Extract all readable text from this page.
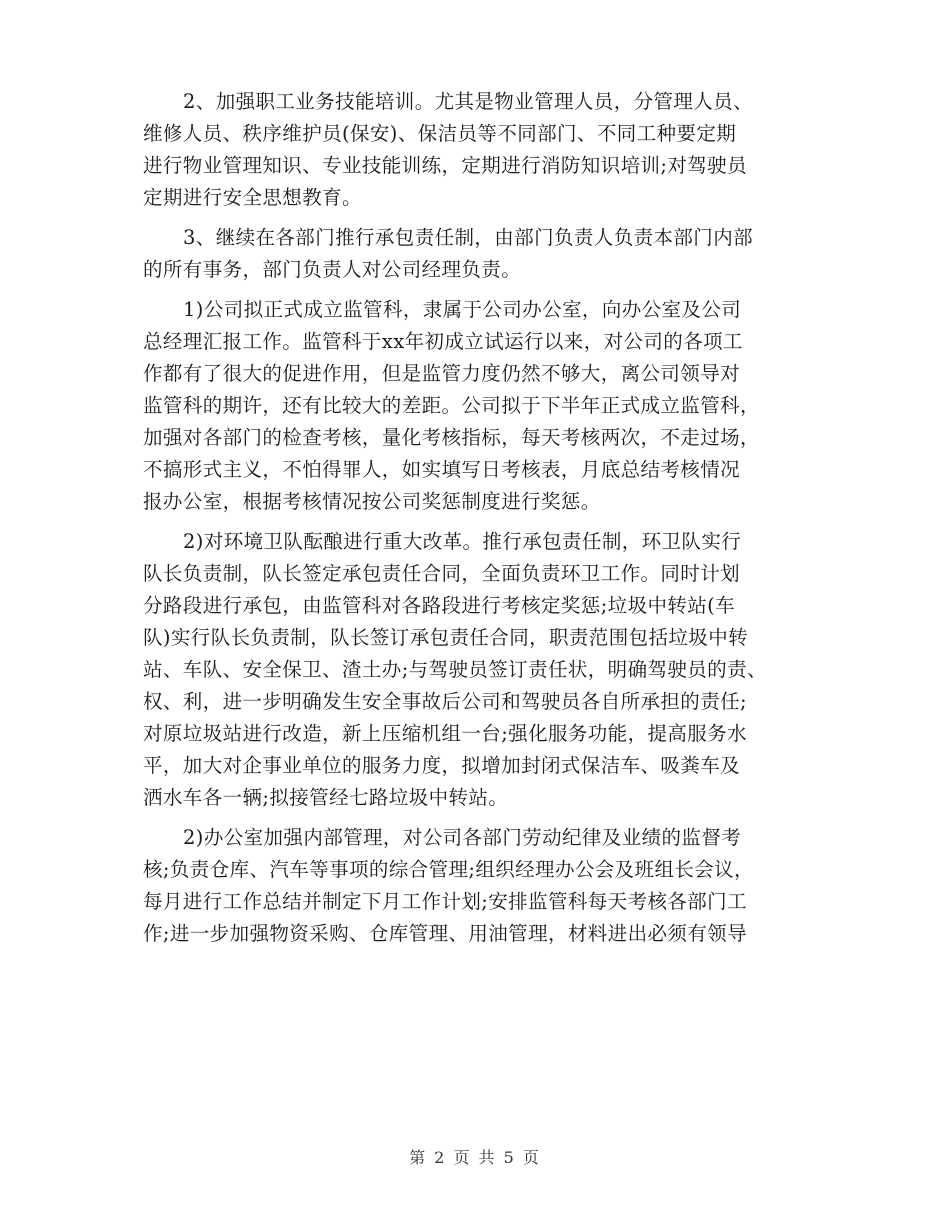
2、加强职工业务技能培训。尤其是物业管理人员，分管理人员、
维修人员、秩序维护员(保安)、保洁员等不同部门、不同工种要定期
进行物业管理知识、专业技能训练，定期进行消防知识培训;对驾驶员
定期进行安全思想教育。
3、继续在各部门推行承包责任制，由部门负责人负责本部门内部
的所有事务，部门负责人对公司经理负责。
1)公司拟正式成立监管科，隶属于公司办公室，向办公室及公司
总经理汇报工作。监管科于xx年初成立试运行以来，对公司的各项工
作都有了很大的促进作用，但是监管力度仍然不够大，离公司领导对
监管科的期许，还有比较大的差距。公司拟于下半年正式成立监管科，
加强对各部门的检查考核，量化考核指标，每天考核两次，不走过场，
不搞形式主义，不怕得罪人，如实填写日考核表，月底总结考核情况
报办公室，根据考核情况按公司奖惩制度进行奖惩。
2)对环境卫队酝酿进行重大改革。推行承包责任制，环卫队实行
队长负责制，队长签定承包责任合同，全面负责环卫工作。同时计划
分路段进行承包，由监管科对各路段进行考核定奖惩;垃圾中转站(车
队)实行队长负责制，队长签订承包责任合同，职责范围包括垃圾中转
站、车队、安全保卫、渣土办;与驾驶员签订责任状，明确驾驶员的责、
权、利，进一步明确发生安全事故后公司和驾驶员各自所承担的责任;
对原垃圾站进行改造，新上压缩机组一台;强化服务功能，提高服务水
平，加大对企事业单位的服务力度，拟增加封闭式保洁车、吸粪车及
洒水车各一辆;拟接管经七路垃圾中转站。
2)办公室加强内部管理，对公司各部门劳动纪律及业绩的监督考
核;负责仓库、汽车等事项的综合管理;组织经理办公会及班组长会议，
每月进行工作总结并制定下月工作计划;安排监管科每天考核各部门工
作;进一步加强物资采购、仓库管理、用油管理，材料进出必须有领导
第 2 页 共 5 页
